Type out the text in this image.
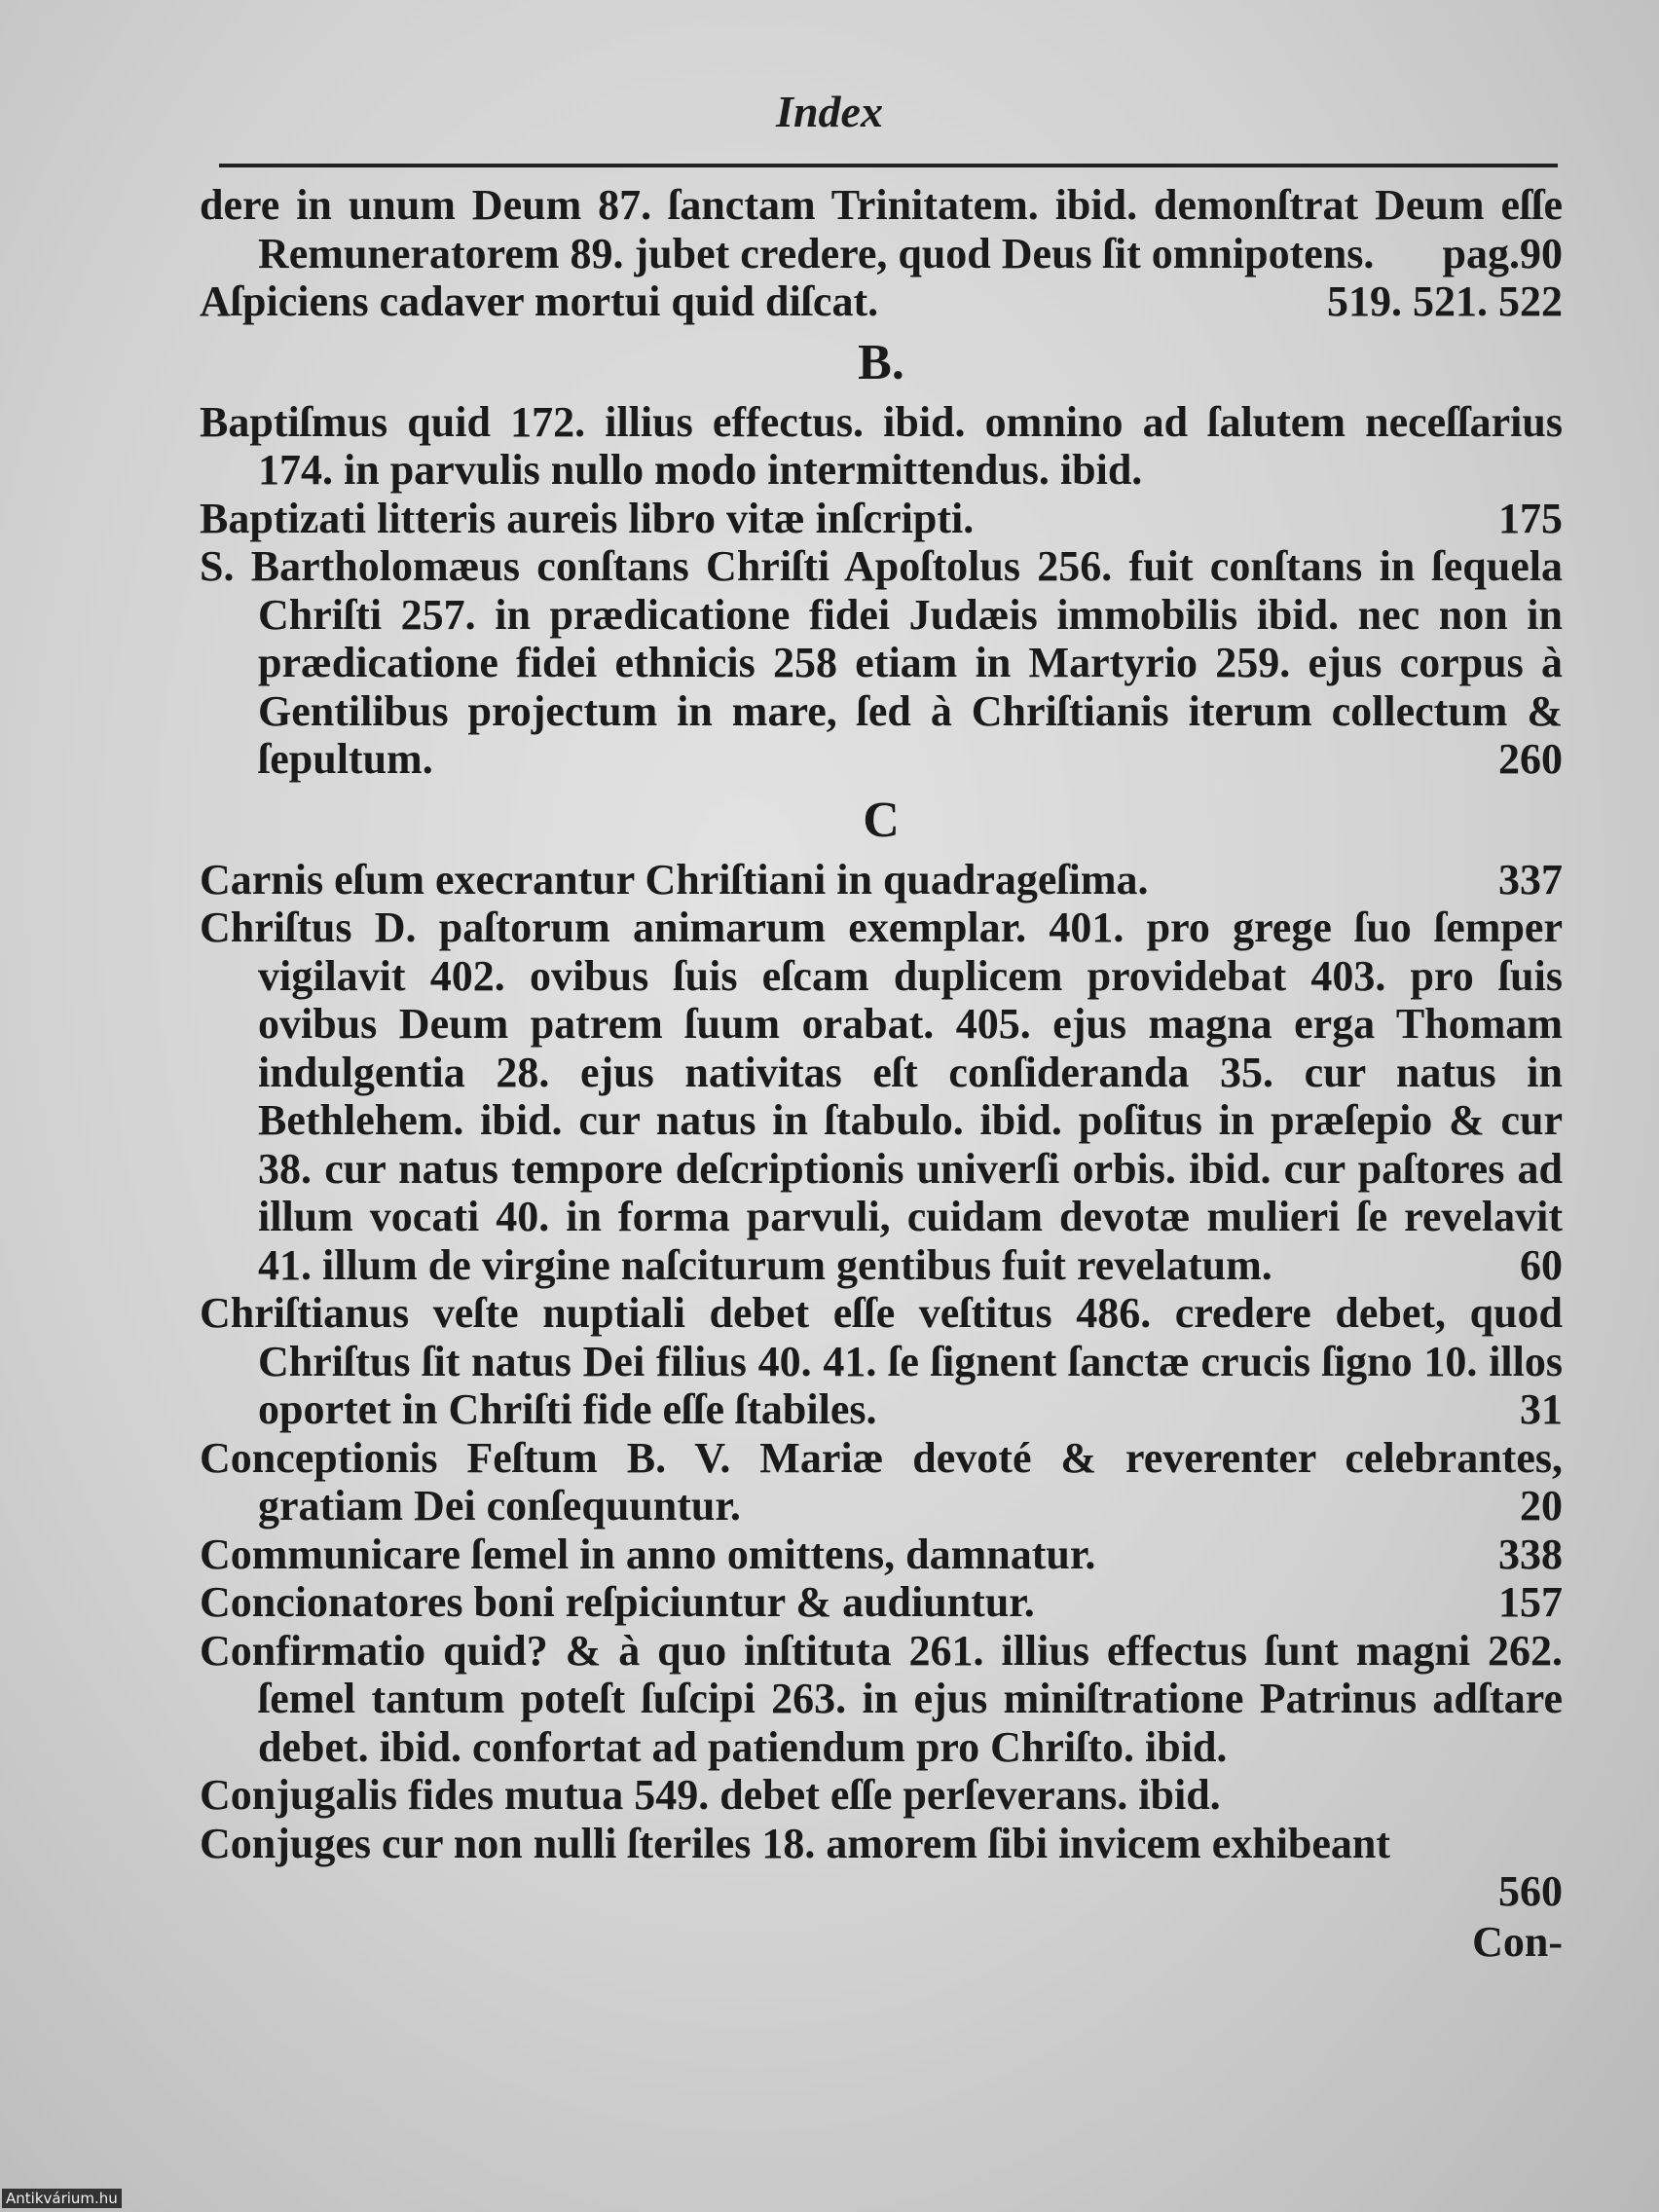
Index
dere in unum Deum 87. ſanctam Trinitatem. ibid. demonſtrat Deum eſſe Remuneratorem 89. jubet credere, quod Deus ſit omnipotens. pag.90
Aſpiciens cadaver mortui quid diſcat.	519. 521. 522
B.
Baptiſmus quid 172. illius effectus. ibid. omnino ad ſalutem neceſſarius 174. in parvulis nullo modo intermittendus. ibid.
Baptizati litteris aureis libro vitæ inſcripti.	175
S. Bartholomæus conſtans Chriſti Apoſtolus 256. fuit conſtans in ſequela Chriſti 257. in prædicatione fidei Judæis immobilis ibid. nec non in prædicatione fidei ethnicis 258 etiam in Martyrio 259. ejus corpus à Gentilibus projectum in mare, ſed à Chriſtianis iterum collectum & ſepultum.	260
C
Carnis eſum execrantur Chriſtiani in quadrageſima.	337
Chriſtus D. paſtorum animarum exemplar. 401. pro grege ſuo ſemper vigilavit 402. ovibus ſuis eſcam duplicem providebat 403. pro ſuis ovibus Deum patrem ſuum orabat. 405. ejus magna erga Thomam indulgentia 28. ejus nativitas eſt conſideranda 35. cur natus in Bethlehem. ibid. cur natus in ſtabulo. ibid. poſitus in præſepio & cur 38. cur natus tempore deſcriptionis univerſi orbis. ibid. cur paſtores ad illum vocati 40. in forma parvuli, cuidam devotæ mulieri ſe revelavit 41. illum de virgine naſciturum gentibus fuit revelatum.	60
Chriſtianus veſte nuptiali debet eſſe veſtitus 486. credere debet, quod Chriſtus ſit natus Dei filius 40. 41. ſe ſignent ſanctæ crucis ſigno 10. illos oportet in Chriſti fide eſſe ſtabiles.	31
Conceptionis Feſtum B. V. Mariæ devoté & reverenter celebrantes, gratiam Dei conſequuntur.	20
Communicare ſemel in anno omittens, damnatur.	338
Concionatores boni reſpiciuntur & audiuntur.	157
Confirmatio quid? & à quo inſtituta 261. illius effectus ſunt magni 262. ſemel tantum poteſt ſuſcipi 263. in ejus miniſtratione Patrinus adſtare debet. ibid. confortat ad patiendum pro Chriſto. ibid.
Conjugalis fides mutua 549. debet eſſe perſeverans. ibid.
Conjuges cur non nulli ſteriles 18. amorem ſibi invicem exhibeant
560
Con-
Antikvárium.hu
